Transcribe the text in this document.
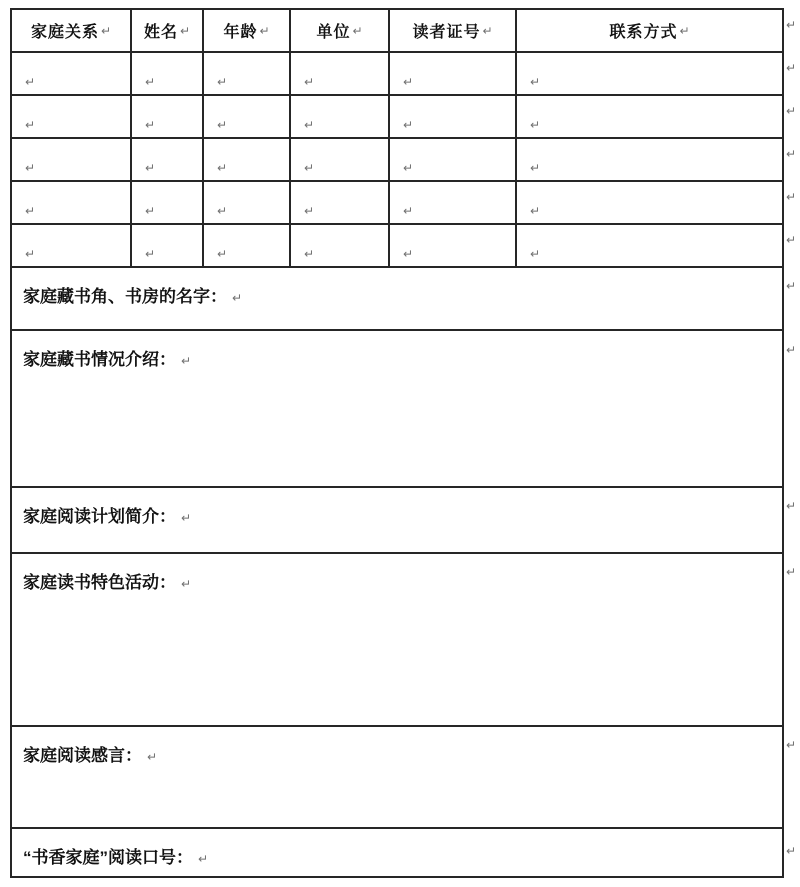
家庭关系 ↵ 姓名 ↵ 年龄 ↵	单位 ↵	读者证号 ↵	联系方式 ↵
↵	↵	↵	↵	↵	↵
↵	↵	↵	↵	↵	↵
↵	↵	↵	↵	↵	↵
↵	↵	↵	↵	↵	↵
↵	↵	↵	↵	↵	↵
家庭藏书角、书房的名字： ↵
家庭藏书情况介绍： ↵
家庭阅读计划简介： ↵
家庭读书特色活动： ↵
家庭阅读感言： ↵
“书香家庭”阅读口号： ↵
↵
↵
↵
↵
↵
↵
↵
↵
↵
↵
↵
↵
